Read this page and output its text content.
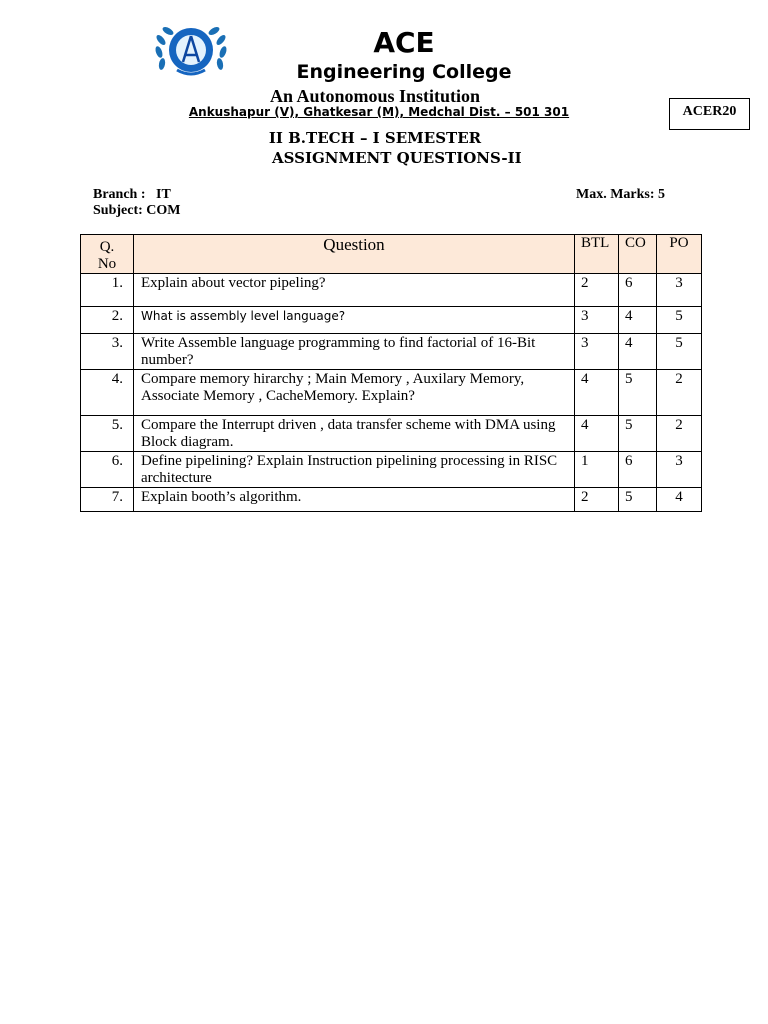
ACE
Engineering College
An Autonomous Institution
Ankushapur (V), Ghatkesar (M), Medchal Dist. – 501 301	ACER20
II B.TECH – I SEMESTER
ASSIGNMENT QUESTIONS-II
Branch :   IT
Subject: COM
Max. Marks: 5
Q. No	Question	BTL	CO	PO
1.	Explain about vector pipeling?	2	6	3
2.	What is assembly level language?	3	4	5
3.	Write Assemble language programming to find factorial of 16-Bit number?	3	4	5
4.	Compare memory hirarchy ; Main Memory , Auxilary Memory, Associate Memory , CacheMemory. Explain?	4	5	2
5.	Compare the Interrupt driven , data transfer scheme with DMA using Block diagram.	4	5	2
6.	Define pipelining? Explain Instruction pipelining processing in RISC architecture	1	6	3
7.	Explain booth’s algorithm.	2	5	4
